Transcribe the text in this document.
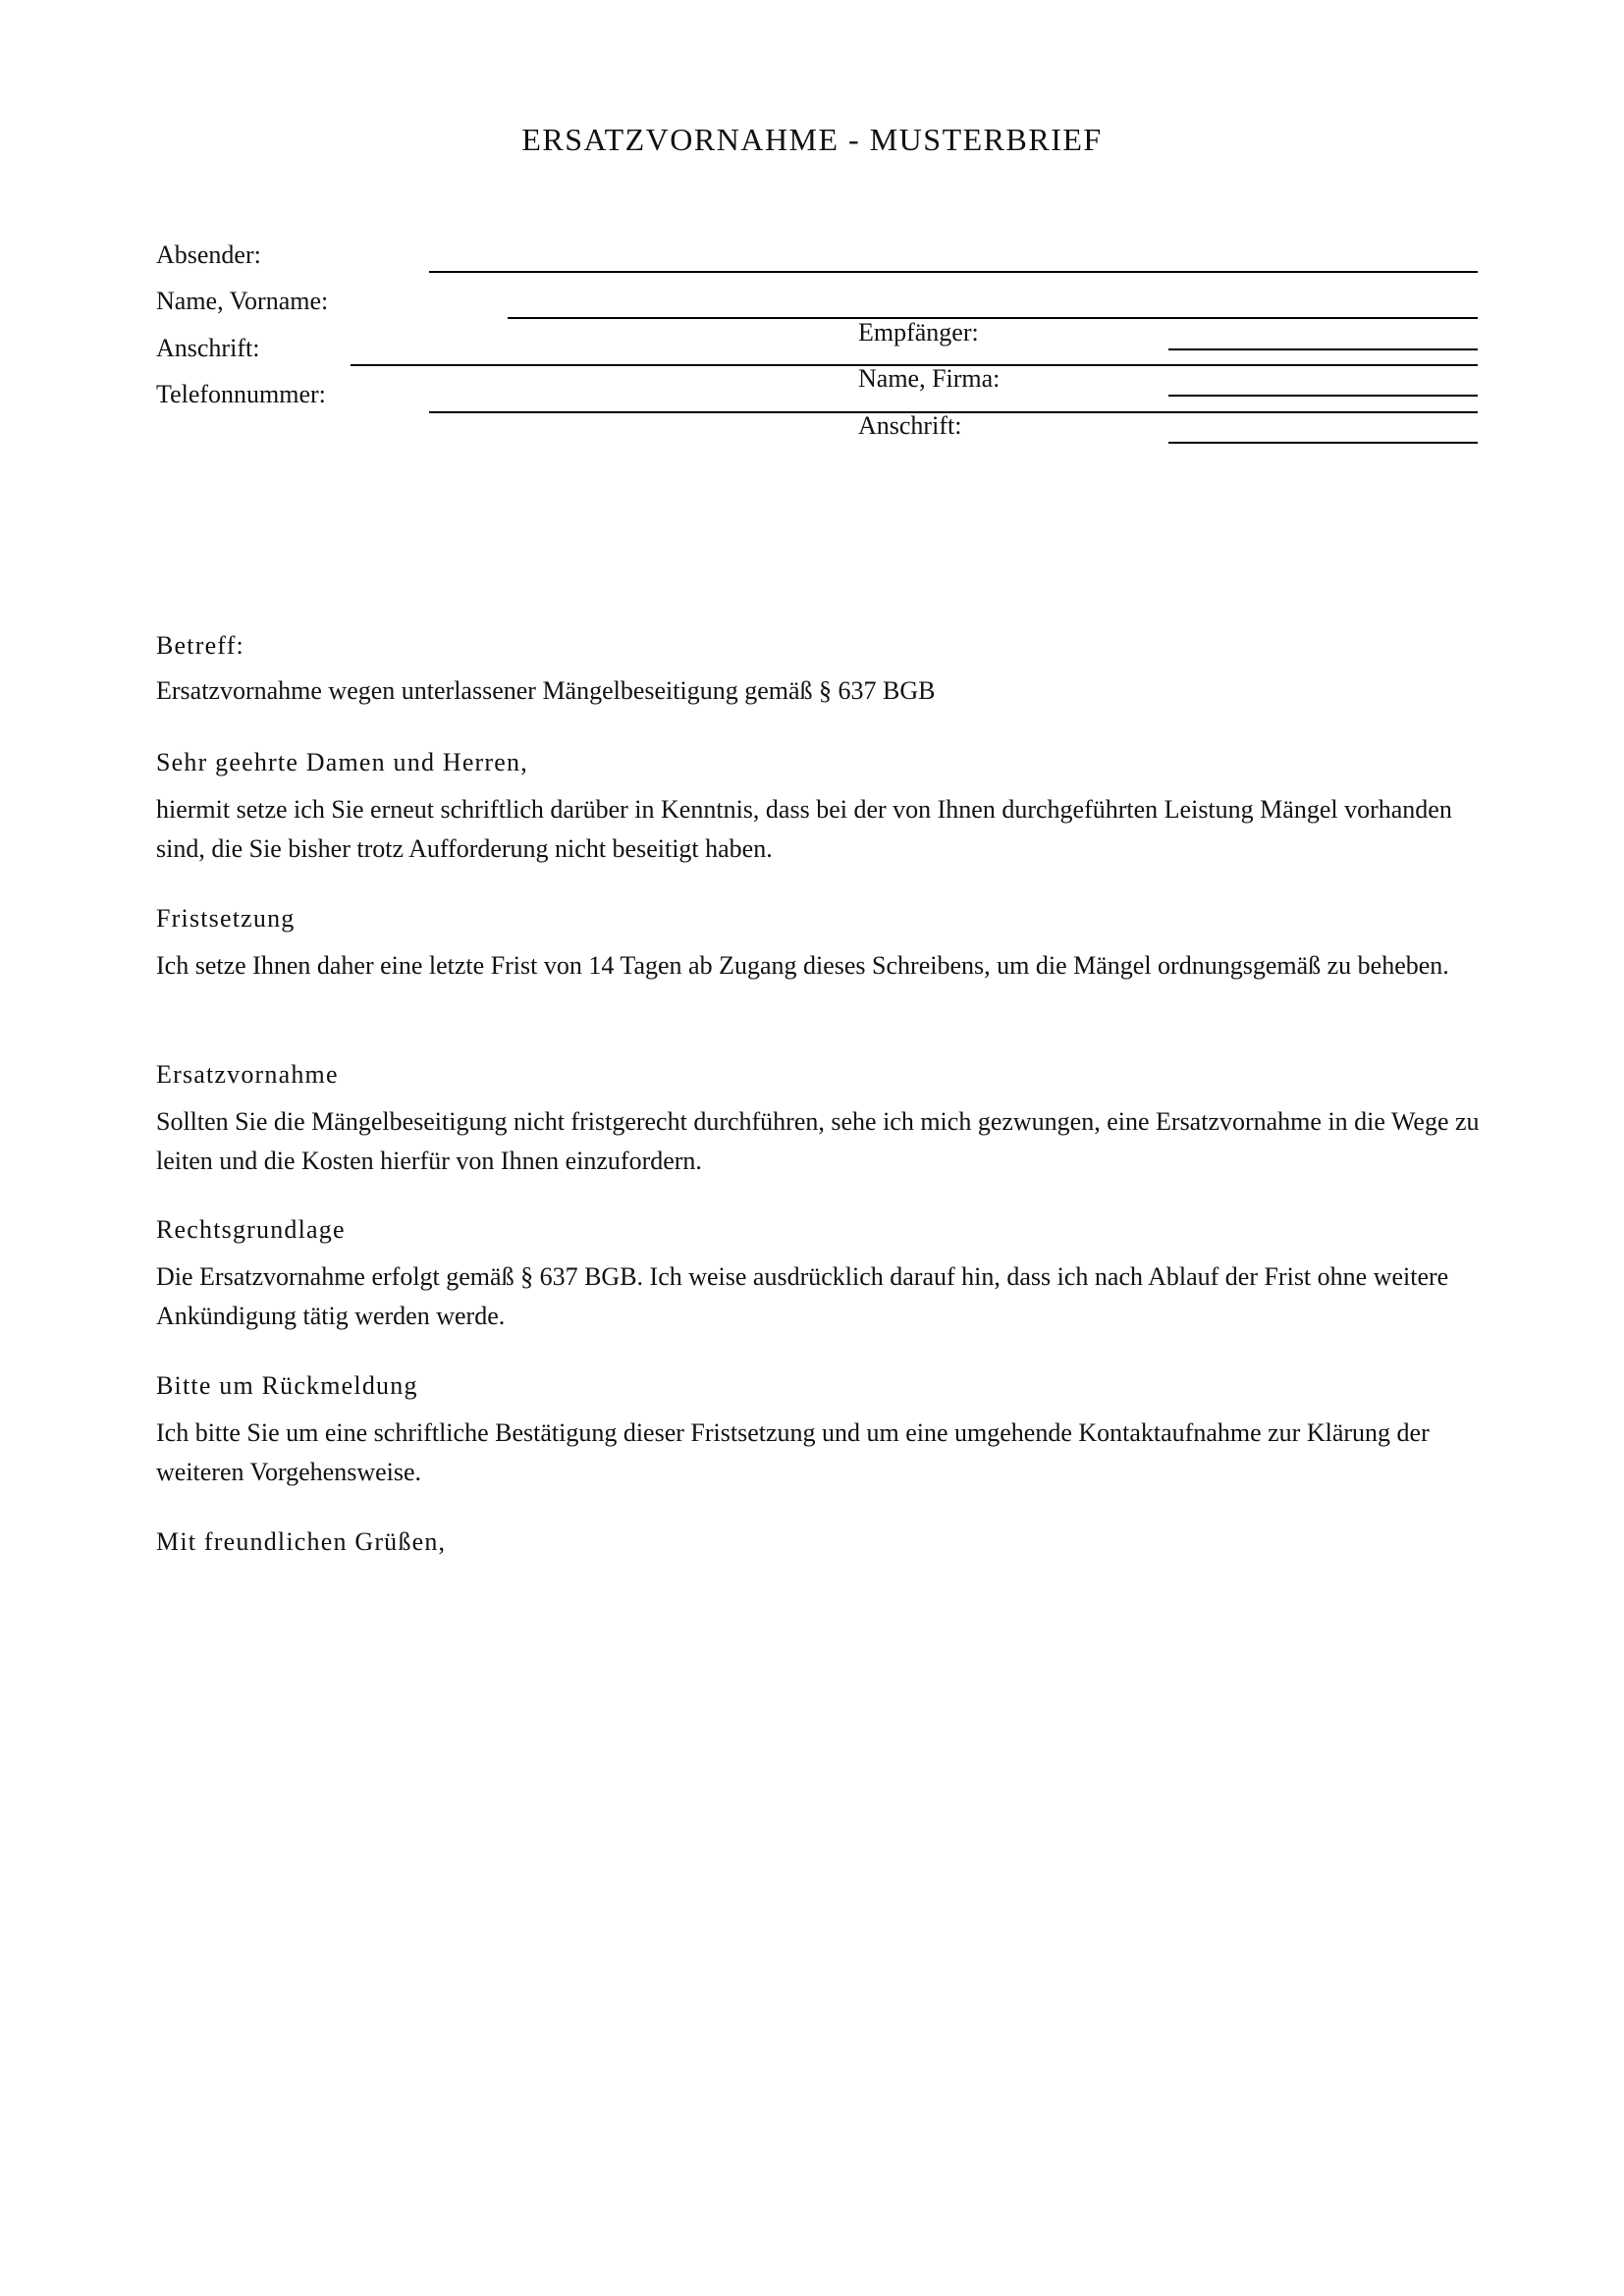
ERSATZVORNAHME - MUSTERBRIEF
Absender:
Name, Vorname:
Anschrift:
Telefonnummer:
Empfänger:
Name, Firma:
Anschrift:
Betreff:
Ersatzvornahme wegen unterlassener Mängelbeseitigung gemäß § 637 BGB
Sehr geehrte Damen und Herren,
hiermit setze ich Sie erneut schriftlich darüber in Kenntnis, dass bei der von Ihnen durchgeführten Leistung Mängel vorhanden sind, die Sie bisher trotz Aufforderung nicht beseitigt haben.
Fristsetzung
Ich setze Ihnen daher eine letzte Frist von 14 Tagen ab Zugang dieses Schreibens, um die Mängel ordnungsgemäß zu beheben.
Ersatzvornahme
Sollten Sie die Mängelbeseitigung nicht fristgerecht durchführen, sehe ich mich gezwungen, eine Ersatzvornahme in die Wege zu leiten und die Kosten hierfür von Ihnen einzufordern.
Rechtsgrundlage
Die Ersatzvornahme erfolgt gemäß § 637 BGB. Ich weise ausdrücklich darauf hin, dass ich nach Ablauf der Frist ohne weitere Ankündigung tätig werden werde.
Bitte um Rückmeldung
Ich bitte Sie um eine schriftliche Bestätigung dieser Fristsetzung und um eine umgehende Kontaktaufnahme zur Klärung der weiteren Vorgehensweise.
Mit freundlichen Grüßen,
